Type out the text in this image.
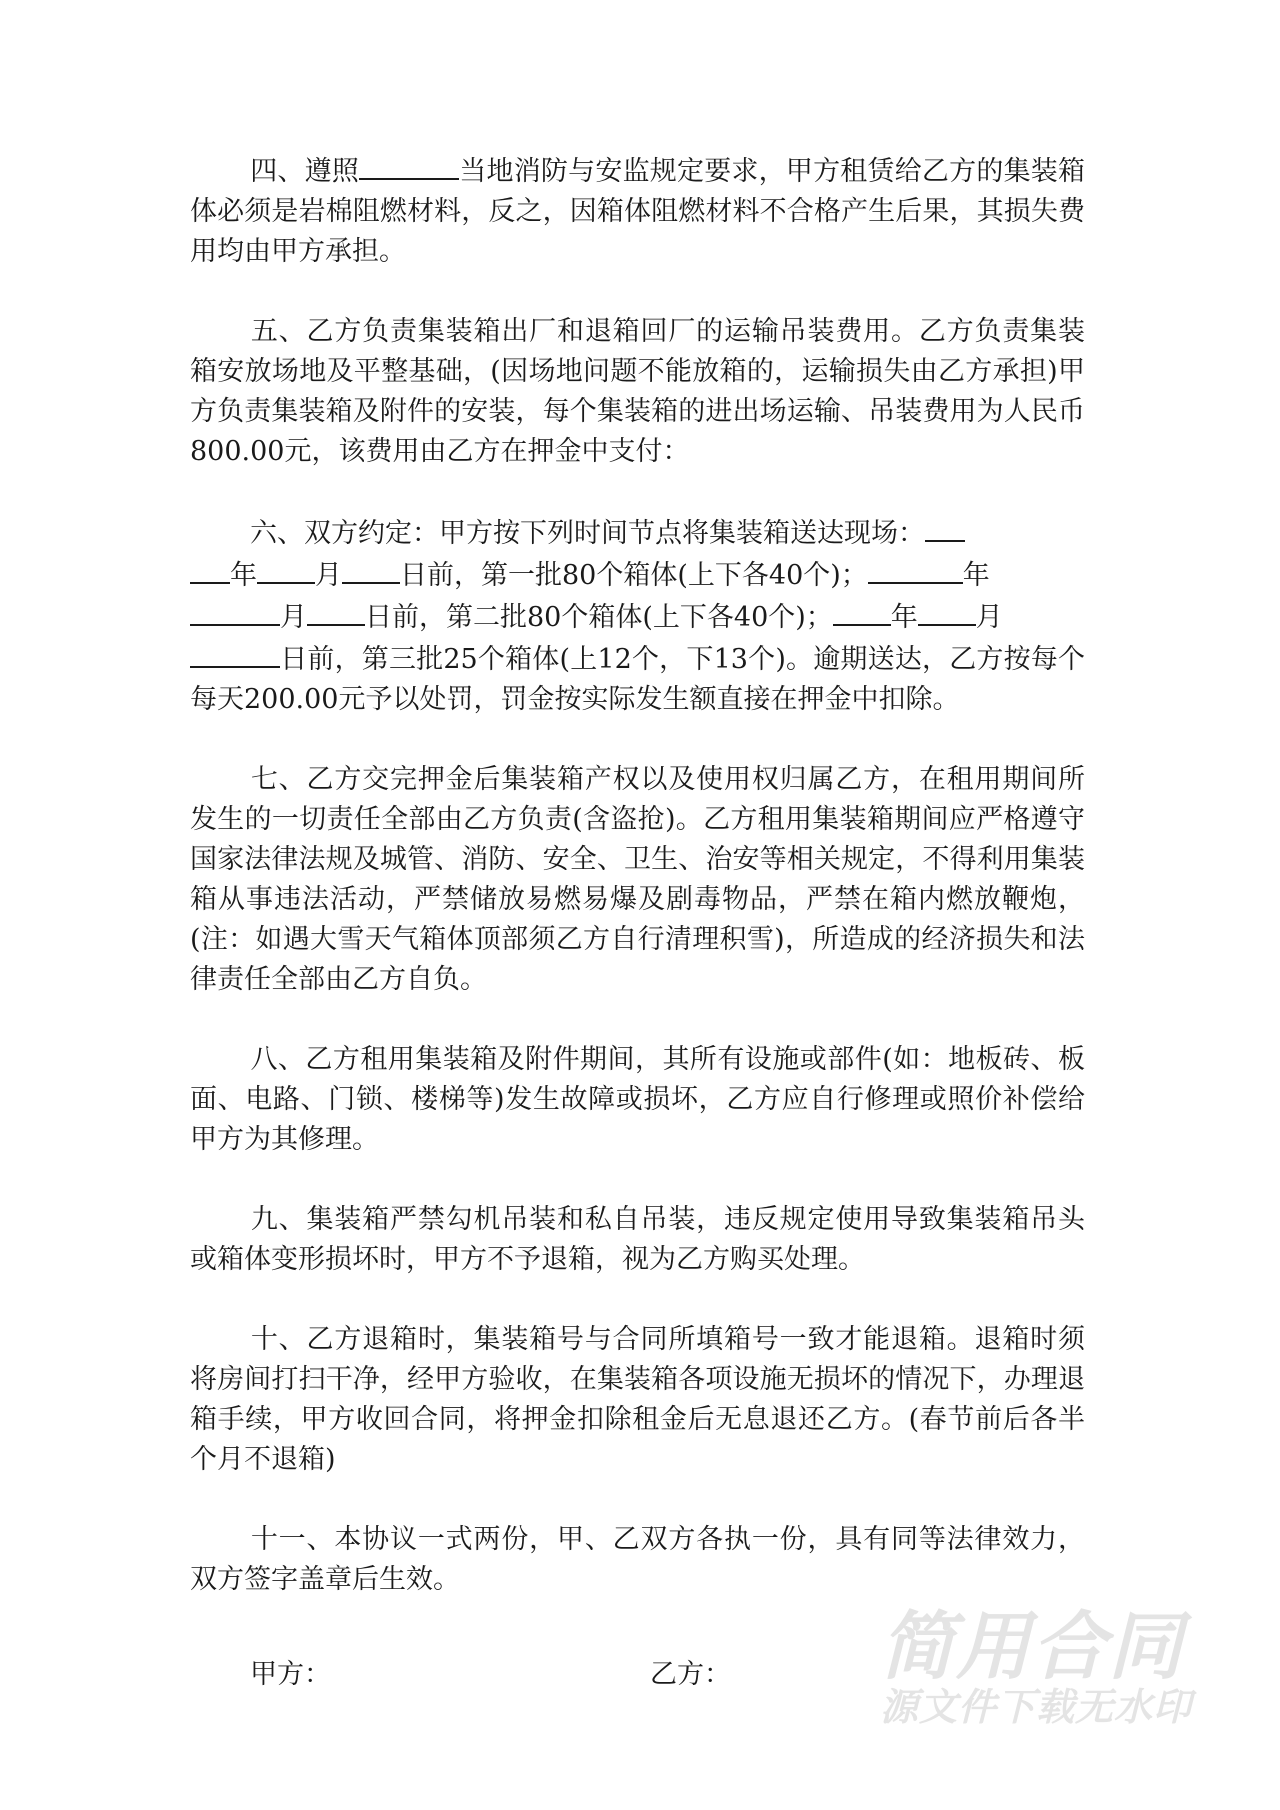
四、遵照	当地消防与安监规定要求，甲方租赁给乙方的集装箱体必须是岩棉阻燃材料，反之，因箱体阻燃材料不合格产生后果，其损失费用均由甲方承担。

五、乙方负责集装箱出厂和退箱回厂的运输吊装费用。乙方负责集装箱安放场地及平整基础，(因场地问题不能放箱的，运输损失由乙方承担)甲方负责集装箱及附件的安装，每个集装箱的进出场运输、吊装费用为人民币800.00元，该费用由乙方在押金中支付：

六、双方约定：甲方按下列时间节点将集装箱送达现场：
年 月 日前，第一批80个箱体(上下各40个)；	年
月 日前，第二批80个箱体(上下各40个)； 年 月
日前，第三批25个箱体(上12个，下13个)。逾期送达，乙方按每个每天200.00元予以处罚，罚金按实际发生额直接在押金中扣除。

七、乙方交完押金后集装箱产权以及使用权归属乙方，在租用期间所发生的一切责任全部由乙方负责(含盗抢)。乙方租用集装箱期间应严格遵守国家法律法规及城管、消防、安全、卫生、治安等相关规定，不得利用集装箱从事违法活动，严禁储放易燃易爆及剧毒物品，严禁在箱内燃放鞭炮，(注：如遇大雪天气箱体顶部须乙方自行清理积雪)，所造成的经济损失和法律责任全部由乙方自负。

八、乙方租用集装箱及附件期间，其所有设施或部件(如：地板砖、板面、电路、门锁、楼梯等)发生故障或损坏，乙方应自行修理或照价补偿给甲方为其修理。

九、集装箱严禁勾机吊装和私自吊装，违反规定使用导致集装箱吊头或箱体变形损坏时，甲方不予退箱，视为乙方购买处理。

十、乙方退箱时，集装箱号与合同所填箱号一致才能退箱。退箱时须将房间打扫干净，经甲方验收，在集装箱各项设施无损坏的情况下，办理退箱手续，甲方收回合同，将押金扣除租金后无息退还乙方。(春节前后各半个月不退箱)

十一、本协议一式两份，甲、乙双方各执一份，具有同等法律效力，双方签字盖章后生效。

简用合同
源文件下载无水印
甲方：	乙方：
